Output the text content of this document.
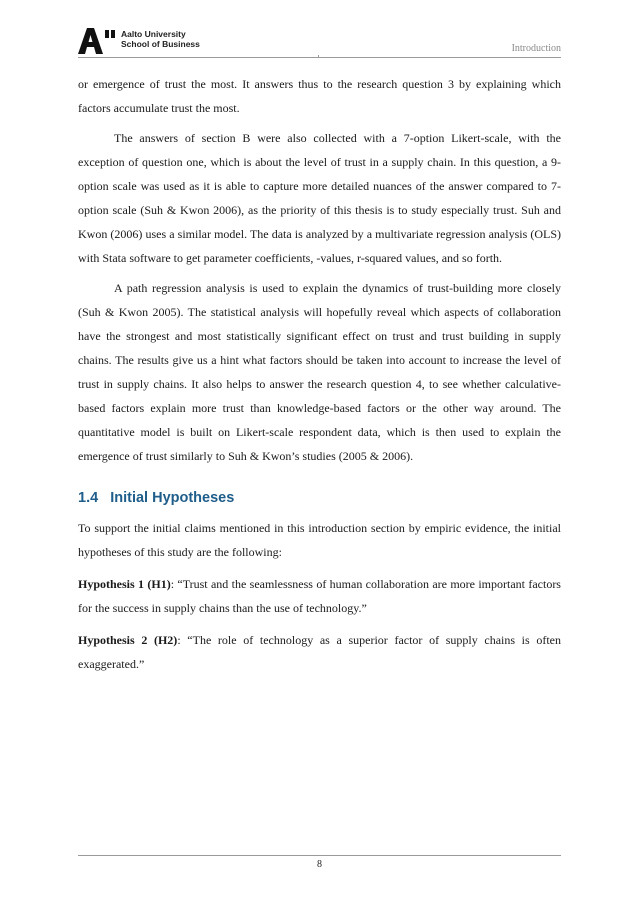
Aalto University
School of Business	Introduction

or emergence of trust the most. It answers thus to the research question 3 by explaining which factors accumulate trust the most.

The answers of section B were also collected with a 7-option Likert-scale, with the exception of question one, which is about the level of trust in a supply chain. In this question, a 9-option scale was used as it is able to capture more detailed nuances of the answer compared to 7-option scale (Suh & Kwon 2006), as the priority of this thesis is to study especially trust. Suh and Kwon (2006) uses a similar model. The data is analyzed by a multivariate regression analysis (OLS) with Stata software to get parameter coefficients, -values, r-squared values, and so forth.

A path regression analysis is used to explain the dynamics of trust-building more closely (Suh & Kwon 2005). The statistical analysis will hopefully reveal which aspects of collaboration have the strongest and most statistically significant effect on trust and trust building in supply chains. The results give us a hint what factors should be taken into account to increase the level of trust in supply chains. It also helps to answer the research question 4, to see whether calculative-based factors explain more trust than knowledge-based factors or the other way around. The quantitative model is built on Likert-scale respondent data, which is then used to explain the emergence of trust similarly to Suh & Kwon’s studies (2005 & 2006).

1.4 Initial Hypotheses

To support the initial claims mentioned in this introduction section by empiric evidence, the initial hypotheses of this study are the following:

Hypothesis 1 (H1): “Trust and the seamlessness of human collaboration are more important factors for the success in supply chains than the use of technology.”

Hypothesis 2 (H2): “The role of technology as a superior factor of supply chains is often exaggerated.”

8
